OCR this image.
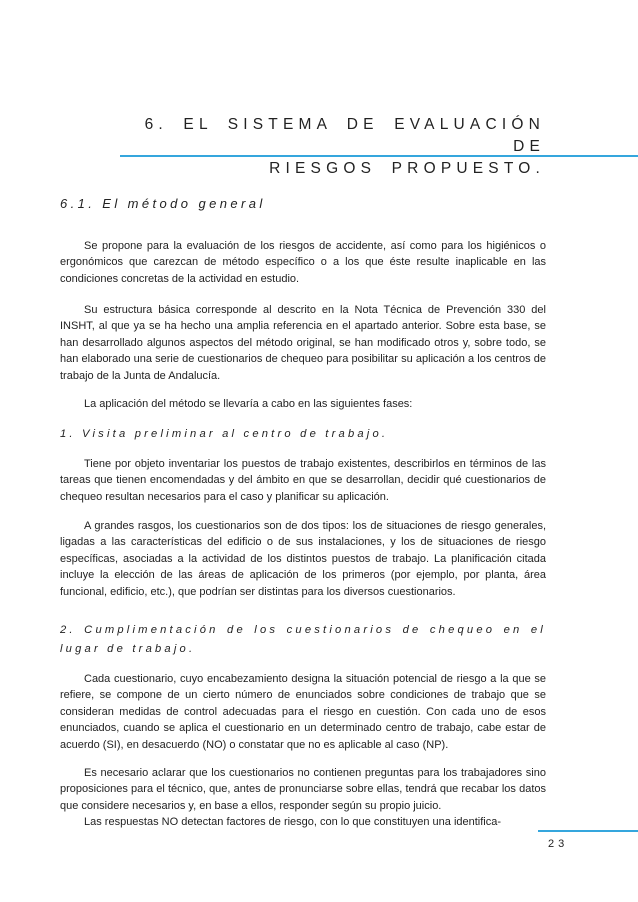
6. EL SISTEMA DE EVALUACIÓN DE
RIESGOS PROPUESTO.
6.1. El método general

Se propone para la evaluación de los riesgos de accidente, así como para los higiénicos o ergonómicos que carezcan de método específico o a los que éste resulte inaplicable en las condiciones concretas de la actividad en estudio.

Su estructura básica corresponde al descrito en la Nota Técnica de Prevención 330 del INSHT, al que ya se ha hecho una amplia referencia en el apartado anterior. Sobre esta base, se han desarrollado algunos aspectos del método original, se han modificado otros y, sobre todo, se han elaborado una serie de cuestionarios de chequeo para posibilitar su aplicación a los centros de trabajo de la Junta de Andalucía.

La aplicación del método se llevaría a cabo en las siguientes fases:

1. Visita preliminar al centro de trabajo.

Tiene por objeto inventariar los puestos de trabajo existentes, describirlos en términos de las tareas que tienen encomendadas y del ámbito en que se desarrollan, decidir qué cuestionarios de chequeo resultan necesarios para el caso y planificar su aplicación.

A grandes rasgos, los cuestionarios son de dos tipos: los de situaciones de riesgo generales, ligadas a las características del edificio o de sus instalaciones, y los de situaciones de riesgo específicas, asociadas a la actividad de los distintos puestos de trabajo. La planificación citada incluye la elección de las áreas de aplicación de los primeros (por ejemplo, por planta, área funcional, edificio, etc.), que podrían ser distintas para los diversos cuestionarios.

2. Cumplimentación de los cuestionarios de chequeo en el lugar de trabajo.

Cada cuestionario, cuyo encabezamiento designa la situación potencial de riesgo a la que se refiere, se compone de un cierto número de enunciados sobre condiciones de trabajo que se consideran medidas de control adecuadas para el riesgo en cuestión. Con cada uno de esos enunciados, cuando se aplica el cuestionario en un determinado centro de trabajo, cabe estar de acuerdo (SI), en desacuerdo (NO) o constatar que no es aplicable al caso (NP).

Es necesario aclarar que los cuestionarios no contienen preguntas para los trabajadores sino proposiciones para el técnico, que, antes de pronunciarse sobre ellas, tendrá que recabar los datos que considere necesarios y, en base a ellos, responder según su propio juicio.

Las respuestas NO detectan factores de riesgo, con lo que constituyen una identifica-

23
